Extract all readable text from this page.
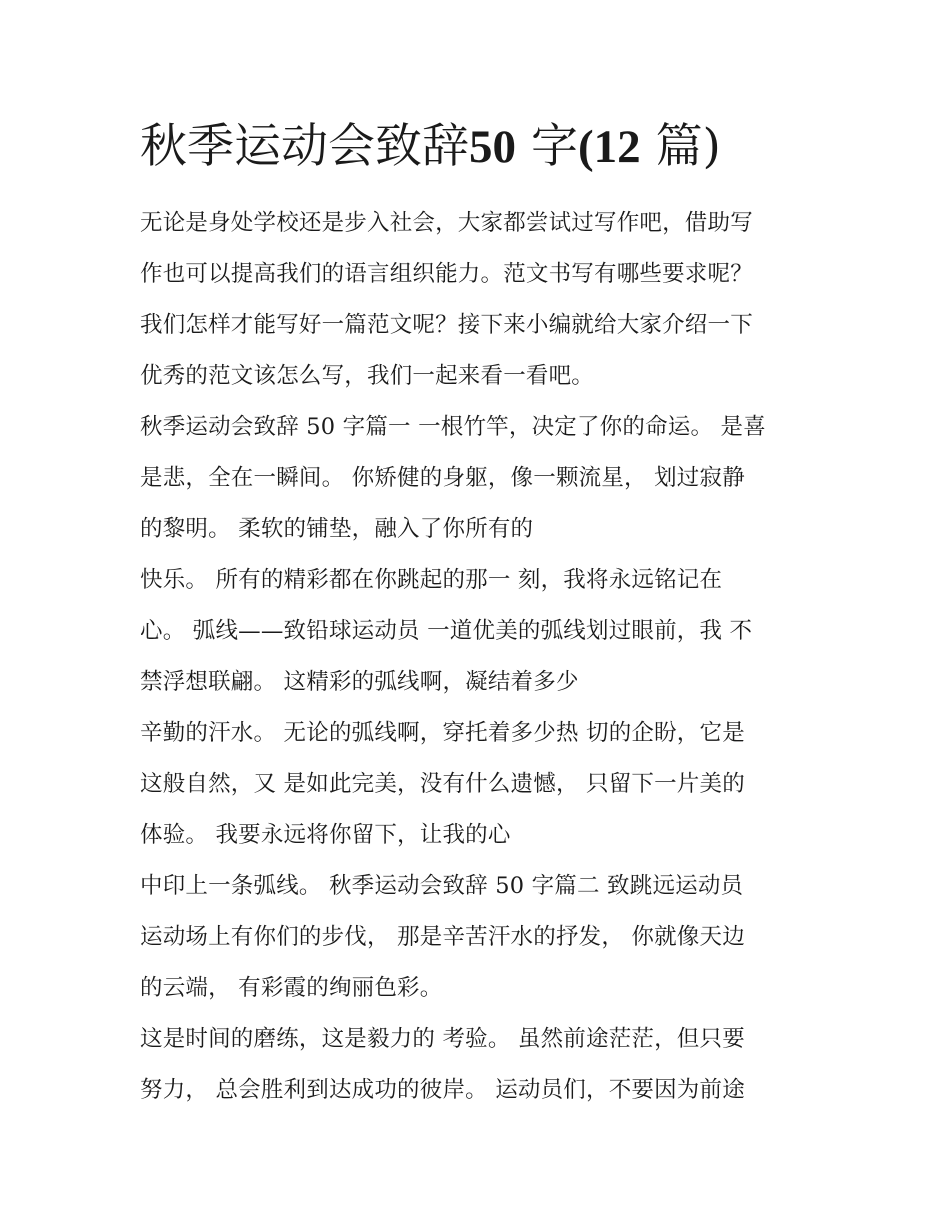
秋季运动会致辞50 字(12 篇)
无论是身处学校还是步入社会，大家都尝试过写作吧，借助写
作也可以提高我们的语言组织能力。范文书写有哪些要求呢？
我们怎样才能写好一篇范文呢？接下来小编就给大家介绍一下
优秀的范文该怎么写，我们一起来看一看吧。
秋季运动会致辞 50 字篇一 一根竹竿，决定了你的命运。 是喜
是悲，全在一瞬间。 你矫健的身躯，像一颗流星， 划过寂静
的黎明。 柔软的铺垫，融入了你所有的
快乐。 所有的精彩都在你跳起的那一 刻，我将永远铭记在
心。 弧线——致铅球运动员 一道优美的弧线划过眼前，我 不
禁浮想联翩。 这精彩的弧线啊，凝结着多少
辛勤的汗水。 无论的弧线啊，穿托着多少热 切的企盼，它是
这般自然，又 是如此完美，没有什么遗憾， 只留下一片美的
体验。 我要永远将你留下，让我的心
中印上一条弧线。 秋季运动会致辞 50 字篇二 致跳远运动员
运动场上有你们的步伐， 那是辛苦汗水的抒发， 你就像天边
的云端， 有彩霞的绚丽色彩。
这是时间的磨练，这是毅力的 考验。 虽然前途茫茫，但只要
努力， 总会胜利到达成功的彼岸。 运动员们，不要因为前途
